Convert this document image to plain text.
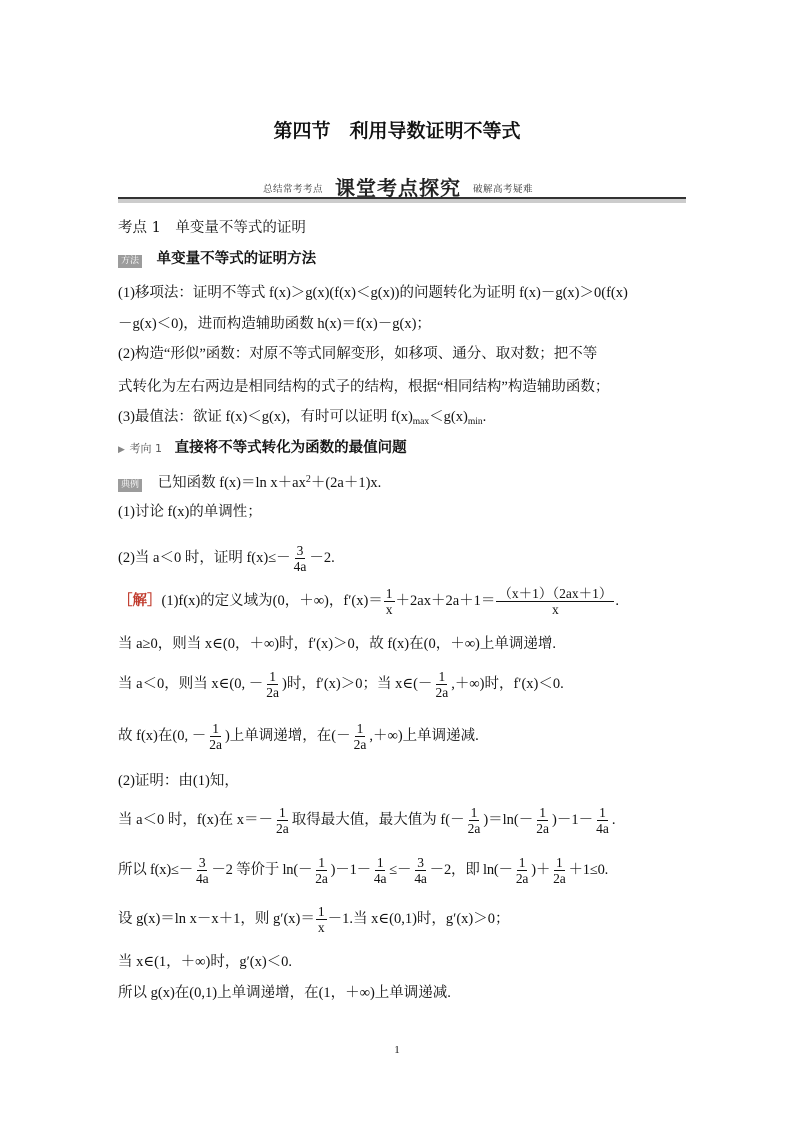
第四节　利用导数证明不等式
总结常考考点 课堂考点探究 破解高考疑难
考点 1　单变量不等式的证明
方法 单变量不等式的证明方法
(1)移项法：证明不等式 f(x)＞g(x)(f(x)＜g(x))的问题转化为证明 f(x)－g(x)＞0(f(x)
－g(x)＜0)，进而构造辅助函数 h(x)＝f(x)－g(x)；
(2)构造“形似”函数：对原不等式同解变形，如移项、通分、取对数；把不等
式转化为左右两边是相同结构的式子的结构，根据“相同结构”构造辅助函数；
(3)最值法：欲证 f(x)＜g(x)，有时可以证明 $f(x)_{max}<g(x)_{min}$.
▶ 考向 1 直接将不等式转化为函数的最值问题
典例 已知函数 f(x)＝ln $x+ax^2+(2a+1)x$.
(1)讨论 f(x)的单调性；
(2)当 a＜0 时，证明 $f(x)\le- \frac{3}{4a} -2$.
［解］ (1)f(x)的定义域为(0，＋∞)，$f'(x)= \frac{1}{x} +2ax+2a+1= \frac{(x+1)(2ax+1)}{x}$ .
当 a≥0，则当 x∈(0，＋∞)时，f′(x)＞0，故 f(x)在(0，＋∞)上单调递增.
当 a＜0，则当 x∈(0, － $\frac{1}{2a}$ )时，f′(x)＞0；当 x∈(－ $\frac{1}{2a}$ ,＋∞)时，f′(x)＜0.
故 f(x)在(0, － $\frac{1}{2a}$ )上单调递增，在(－ $\frac{1}{2a}$ ,＋∞)上单调递减.
(2)证明：由(1)知，
当 a＜0 时，f(x)在 $x=- \frac{1}{2a}$ 取得最大值，最大值为 $f(- \frac{1}{2a} )=\ln(- \frac{1}{2a} )-1- \frac{1}{4a}$ .
所以 $f(x)\le- \frac{3}{4a} -2$ 等价于 $\ln(- \frac{1}{2a} )-1- \frac{1}{4a} \le- \frac{3}{4a} -2$，即 $\ln(- \frac{1}{2a}$ )＋ $\frac{1}{2a} +1\le 0$.
设 g(x)＝ln x－x＋1，则 $g'(x)= \frac{1}{x} -1$.当 x∈(0,1)时，g′(x)＞0；
当 x∈(1，＋∞)时，g′(x)＜0.
所以 g(x)在(0,1)上单调递增，在(1，＋∞)上单调递减.
1
